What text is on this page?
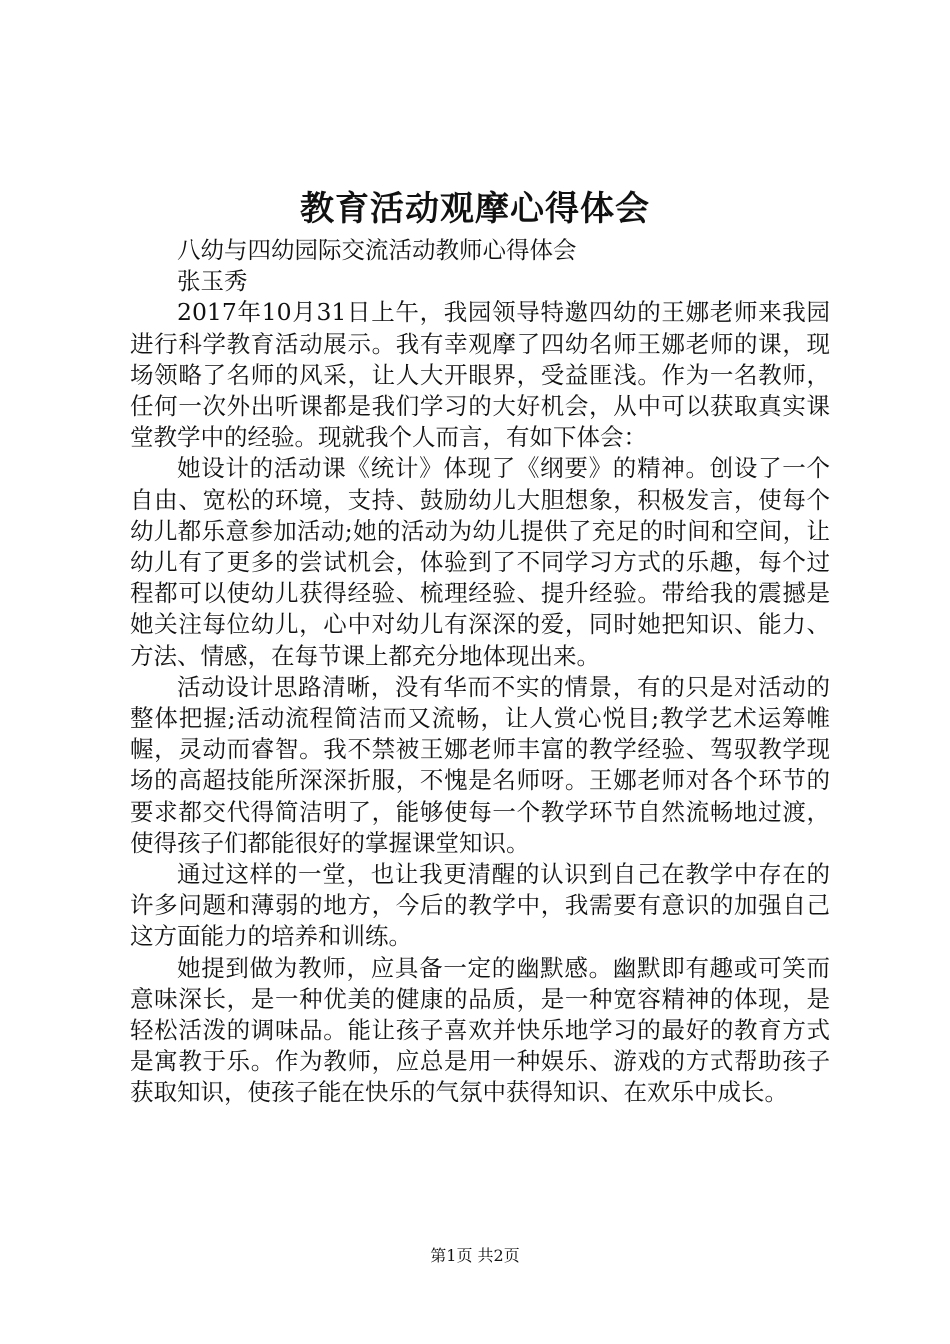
教育活动观摩心得体会

八幼与四幼园际交流活动教师心得体会

张玉秀

2017年10月31日上午，我园领导特邀四幼的王娜老师来我园进行科学教育活动展示。我有幸观摩了四幼名师王娜老师的课，现场领略了名师的风采，让人大开眼界，受益匪浅。作为一名教师，任何一次外出听课都是我们学习的大好机会，从中可以获取真实课堂教学中的经验。现就我个人而言，有如下体会：

她设计的活动课《统计》体现了《纲要》的精神。创设了一个自由、宽松的环境，支持、鼓励幼儿大胆想象，积极发言，使每个幼儿都乐意参加活动;她的活动为幼儿提供了充足的时间和空间，让幼儿有了更多的尝试机会，体验到了不同学习方式的乐趣，每个过程都可以使幼儿获得经验、梳理经验、提升经验。带给我的震撼是她关注每位幼儿，心中对幼儿有深深的爱，同时她把知识、能力、方法、情感，在每节课上都充分地体现出来。

活动设计思路清晰，没有华而不实的情景，有的只是对活动的整体把握;活动流程简洁而又流畅，让人赏心悦目;教学艺术运筹帷幄，灵动而睿智。我不禁被王娜老师丰富的教学经验、驾驭教学现场的高超技能所深深折服，不愧是名师呀。王娜老师对各个环节的要求都交代得简洁明了，能够使每一个教学环节自然流畅地过渡，使得孩子们都能很好的掌握课堂知识。

通过这样的一堂，也让我更清醒的认识到自己在教学中存在的许多问题和薄弱的地方，今后的教学中，我需要有意识的加强自己这方面能力的培养和训练。

她提到做为教师，应具备一定的幽默感。幽默即有趣或可笑而意味深长，是一种优美的健康的品质，是一种宽容精神的体现，是轻松活泼的调味品。能让孩子喜欢并快乐地学习的最好的教育方式是寓教于乐。作为教师，应总是用一种娱乐、游戏的方式帮助孩子获取知识，使孩子能在快乐的气氛中获得知识、在欢乐中成长。

第1页 共2页
